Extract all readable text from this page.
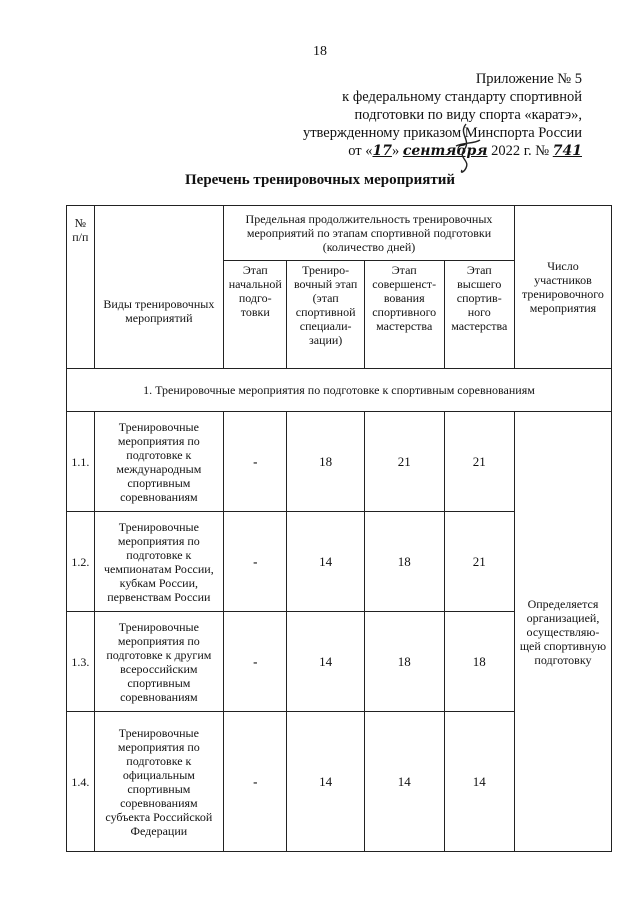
18
Приложение № 5
к федеральному стандарту спортивной
подготовки по виду спорта «каратэ»,
утвержденному приказом Минспорта России
от «17» сентября 2022 г. № 741
Перечень тренировочных мероприятий
№ п/п	Виды тренировочных мероприятий	Предельная продолжительность тренировочных мероприятий по этапам спортивной подготовки (количество дней)				Число участников тренировочного мероприятия
		Этап начальной подго-товки	Трениро-вочный этап (этап спортивной специали-зации)	Этап совершенст-вования спортивного мастерства	Этап высшего спортив-ного мастерства	
1. Тренировочные мероприятия по подготовке к спортивным соревнованиям						
1.1.	Тренировочные мероприятия по подготовке к международным спортивным соревнованиям	-	18	21	21	Определяется организацией, осуществляю-щей спортивную подготовку
1.2.	Тренировочные мероприятия по подготовке к чемпионатам России, кубкам России, первенствам России	-	14	18	21	
1.3.	Тренировочные мероприятия по подготовке к другим всероссийским спортивным соревнованиям	-	14	18	18	
1.4.	Тренировочные мероприятия по подготовке к официальным спортивным соревнованиям субъекта Российской Федерации	-	14	14	14	
